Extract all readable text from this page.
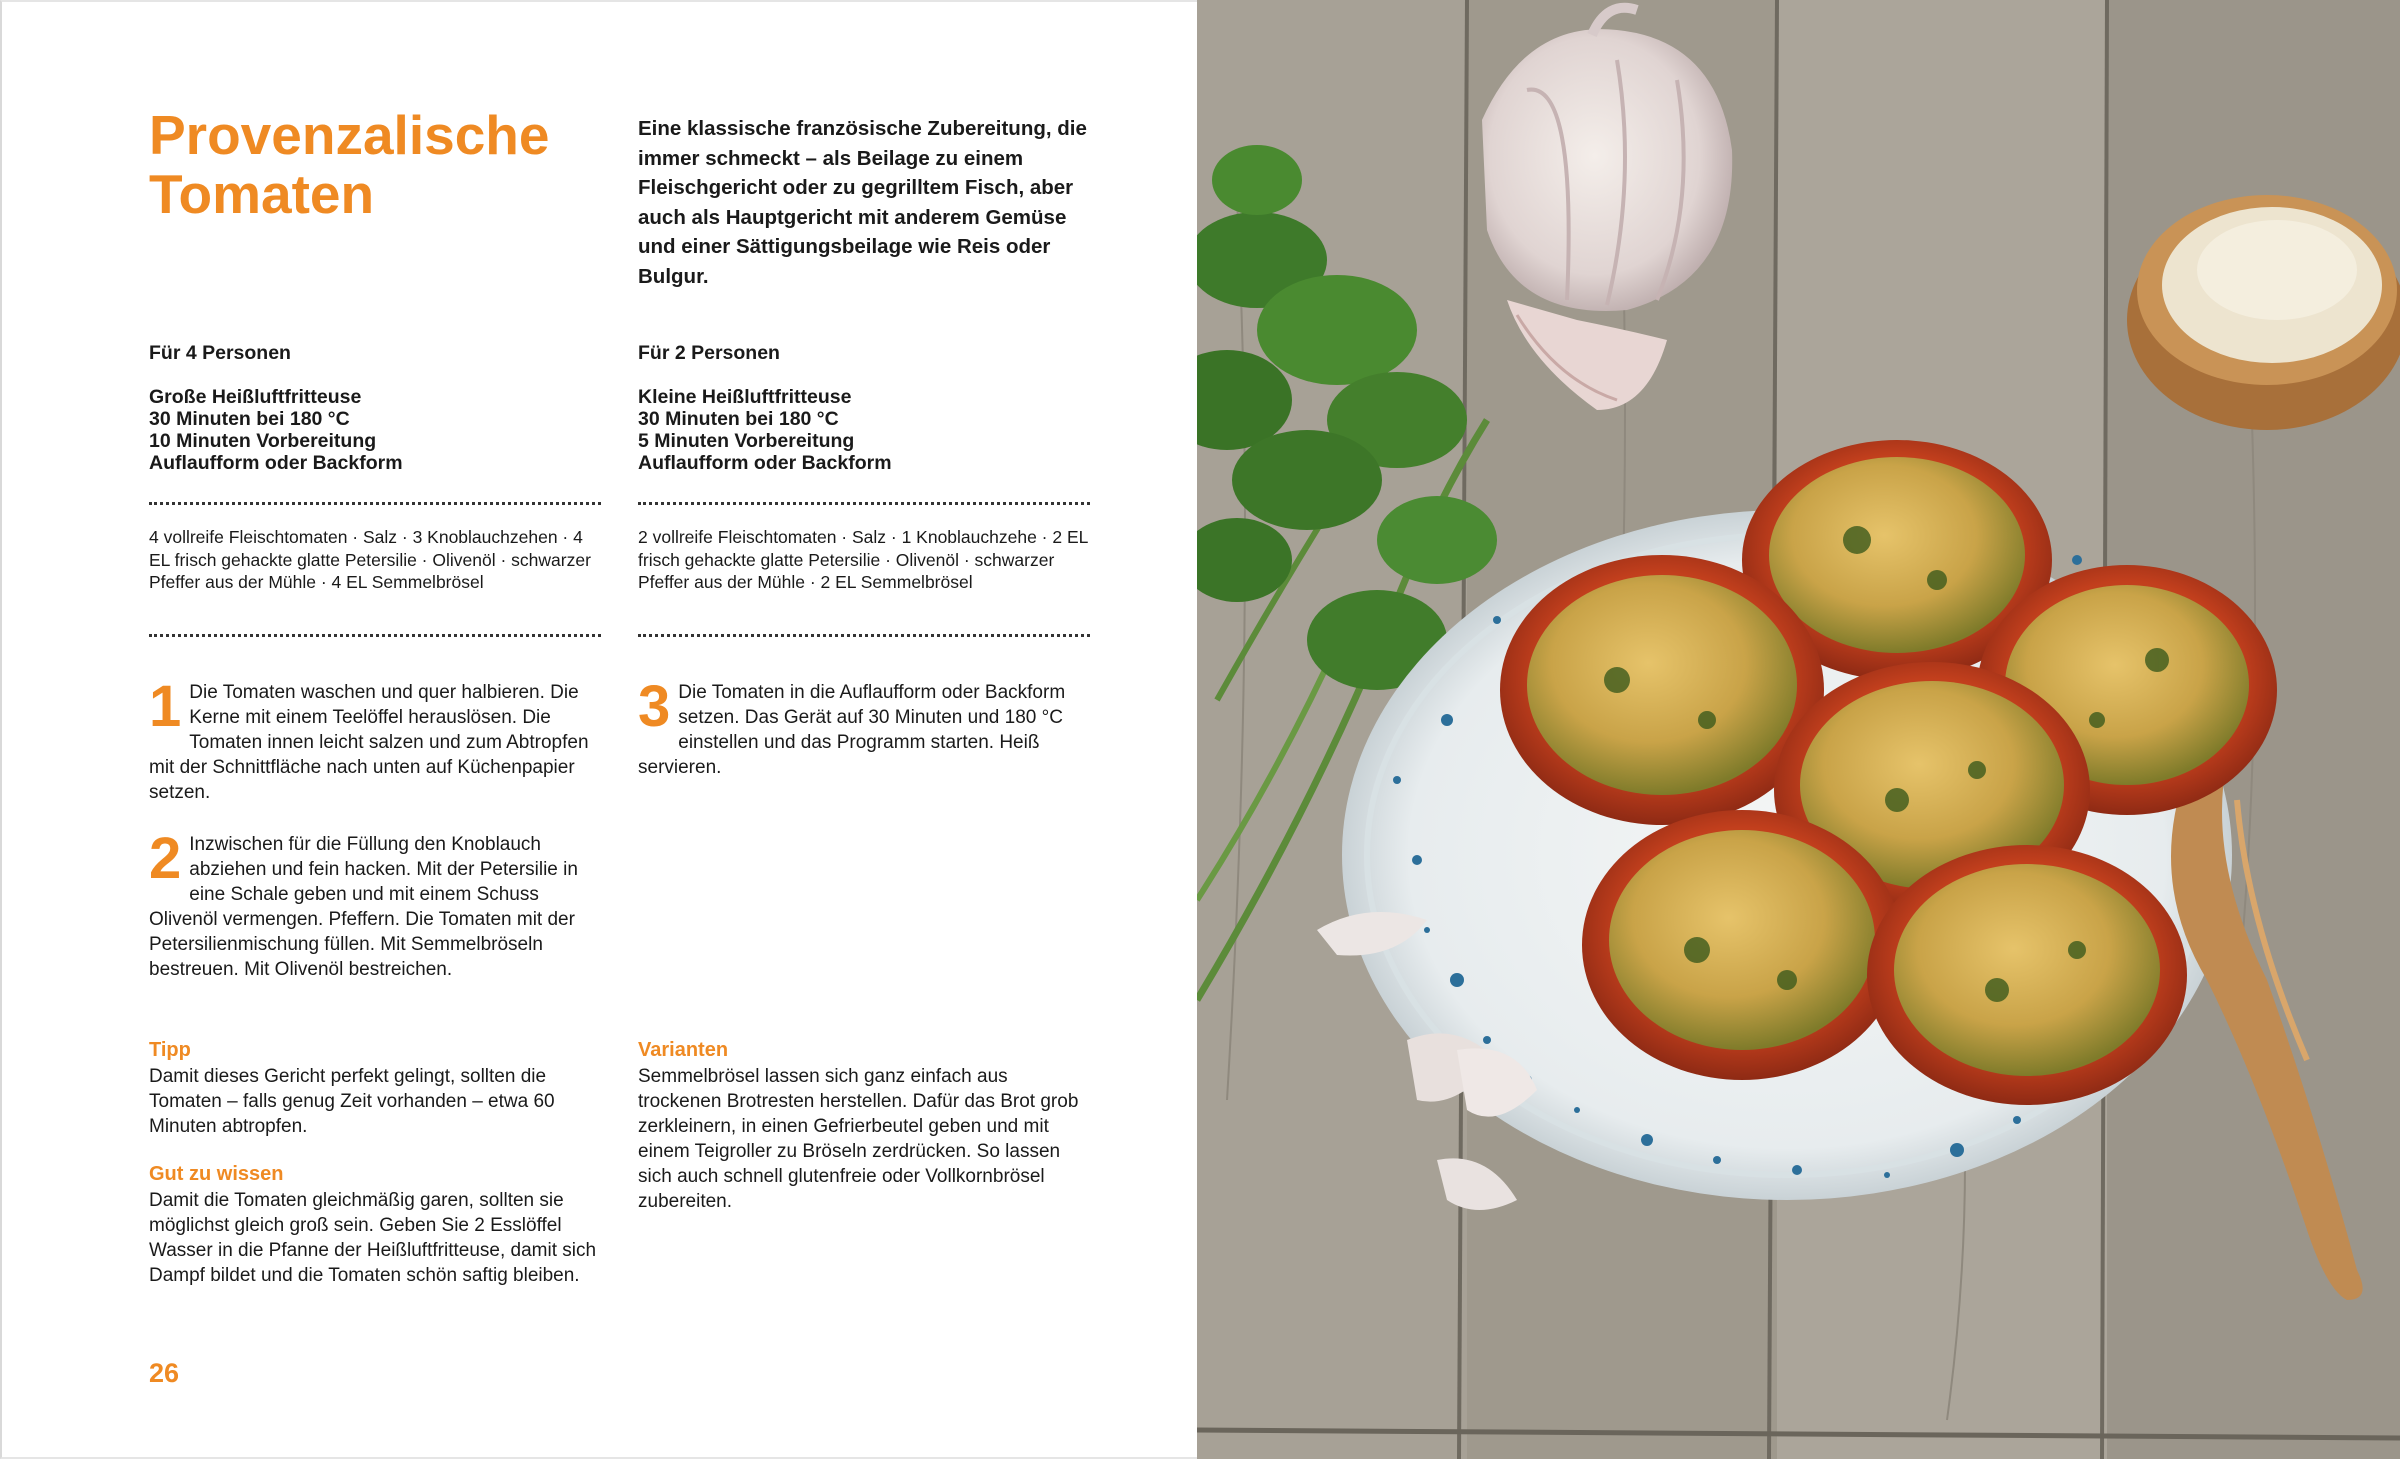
Provenzalische Tomaten

Eine klassische französische Zubereitung, die immer schmeckt – als Beilage zu einem Fleischgericht oder zu gegrilltem Fisch, aber auch als Hauptgericht mit anderem Gemüse und einer Sättigungsbeilage wie Reis oder Bulgur.

Für 4 Personen

Große Heißluftfritteuse
30 Minuten bei 180 °C
10 Minuten Vorbereitung
Auflaufform oder Backform

4 vollreife Fleischtomaten · Salz · 3 Knoblauchzehen · 4 EL frisch gehackte glatte Petersilie · Olivenöl · schwarzer Pfeffer aus der Mühle · 4 EL Semmelbrösel

1 Die Tomaten waschen und quer halbieren. Die Kerne mit einem Teelöffel herauslösen. Die Tomaten innen leicht salzen und zum Abtropfen mit der Schnittfläche nach unten auf Küchenpapier setzen.
2 Inzwischen für die Füllung den Knoblauch abziehen und fein hacken. Mit der Petersilie in eine Schale geben und mit einem Schuss Olivenöl vermengen. Pfeffern. Die Tomaten mit der Petersilienmischung füllen. Mit Semmelbröseln bestreuen. Mit Olivenöl bestreichen.

Tipp

Damit dieses Gericht perfekt gelingt, sollten die Tomaten – falls genug Zeit vorhanden – etwa 60 Minuten abtropfen.

Gut zu wissen

Damit die Tomaten gleichmäßig garen, sollten sie möglichst gleich groß sein. Geben Sie 2 Esslöffel Wasser in die Pfanne der Heißluftfritteuse, damit sich Dampf bildet und die Tomaten schön saftig bleiben.

Für 2 Personen

Kleine Heißluftfritteuse
30 Minuten bei 180 °C
5 Minuten Vorbereitung
Auflaufform oder Backform

2 vollreife Fleischtomaten · Salz · 1 Knoblauchzehe · 2 EL frisch gehackte glatte Petersilie · Olivenöl · schwarzer Pfeffer aus der Mühle · 2 EL Semmelbrösel

3 Die Tomaten in die Auflaufform oder Backform setzen. Das Gerät auf 30 Minuten und 180 °C einstellen und das Programm starten. Heiß servieren.

Varianten

Semmelbrösel lassen sich ganz einfach aus trockenen Brotresten herstellen. Dafür das Brot grob zerkleinern, in einen Gefrierbeutel geben und mit einem Teigroller zu Bröseln zerdrücken. So lassen sich auch schnell glutenfreie oder Vollkornbrösel zubereiten.

26
